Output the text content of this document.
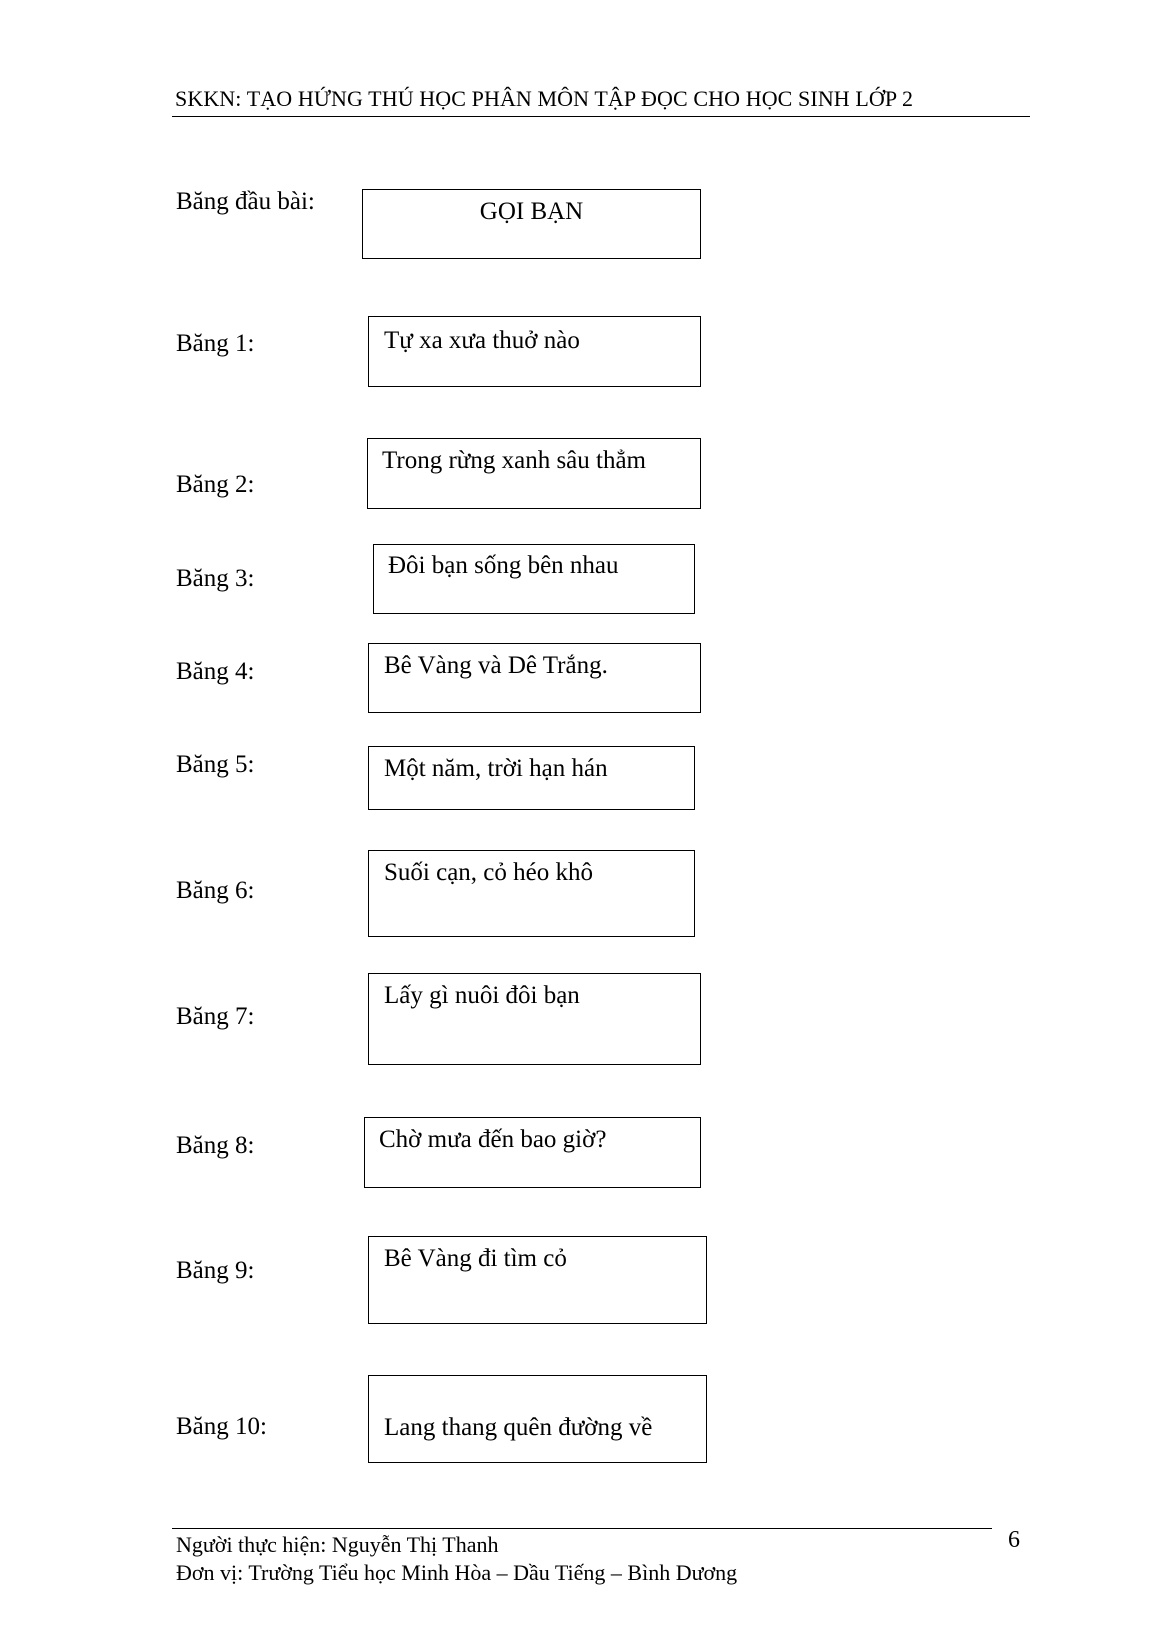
SKKN: TẠO HỨNG THÚ HỌC PHÂN MÔN TẬP ĐỌC CHO HỌC SINH LỚP 2
Băng đầu bài:	GỌI BẠN
Băng 1:	Tự xa xưa thuở nào
Băng 2:
Trong rừng xanh sâu thẳm
Băng 3:	Đôi bạn sống bên nhau
Băng 4:	Bê Vàng và Dê Trắng.
Băng 5:	Một năm, trời hạn hán
Băng 6:
Suối cạn, cỏ héo khô
Băng 7:
Lấy gì nuôi đôi bạn
Băng 8:	Chờ mưa đến bao giờ?
Băng 9:	Bê Vàng đi tìm cỏ
Băng 10:	Lang thang quên đường về
Người thực hiện: Nguyễn Thị Thanh
Đơn vị: Trường Tiểu học Minh Hòa – Dầu Tiếng – Bình Dương
6
